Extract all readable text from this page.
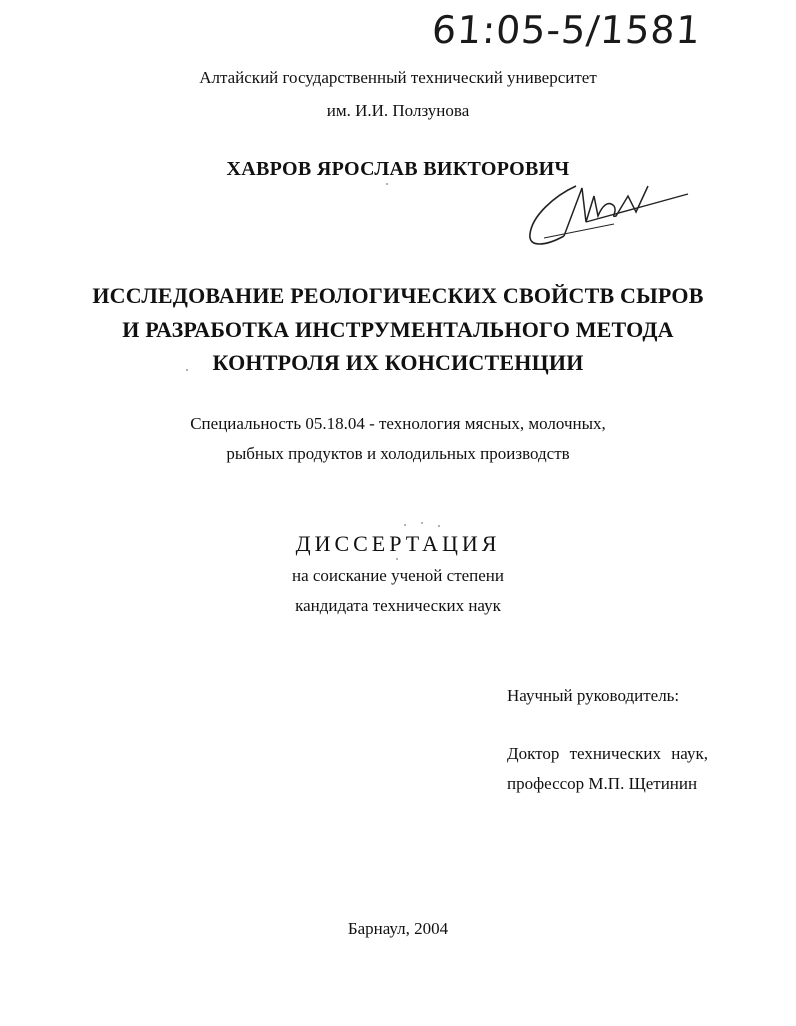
61:05-5/1581
Алтайский государственный технический университет
им. И.И. Ползунова
ХАВРОВ ЯРОСЛАВ ВИКТОРОВИЧ
ИССЛЕДОВАНИЕ РЕОЛОГИЧЕСКИХ СВОЙСТВ СЫРОВ
И РАЗРАБОТКА ИНСТРУМЕНТАЛЬНОГО МЕТОДА
КОНТРОЛЯ ИХ КОНСИСТЕНЦИИ
Специальность 05.18.04 - технология мясных, молочных,
рыбных продуктов и холодильных производств
ДИССЕРТАЦИЯ
на соискание ученой степени
кандидата технических наук
Научный руководитель:
Доктор технических наук,
профессор М.П. Щетинин
Барнаул, 2004
